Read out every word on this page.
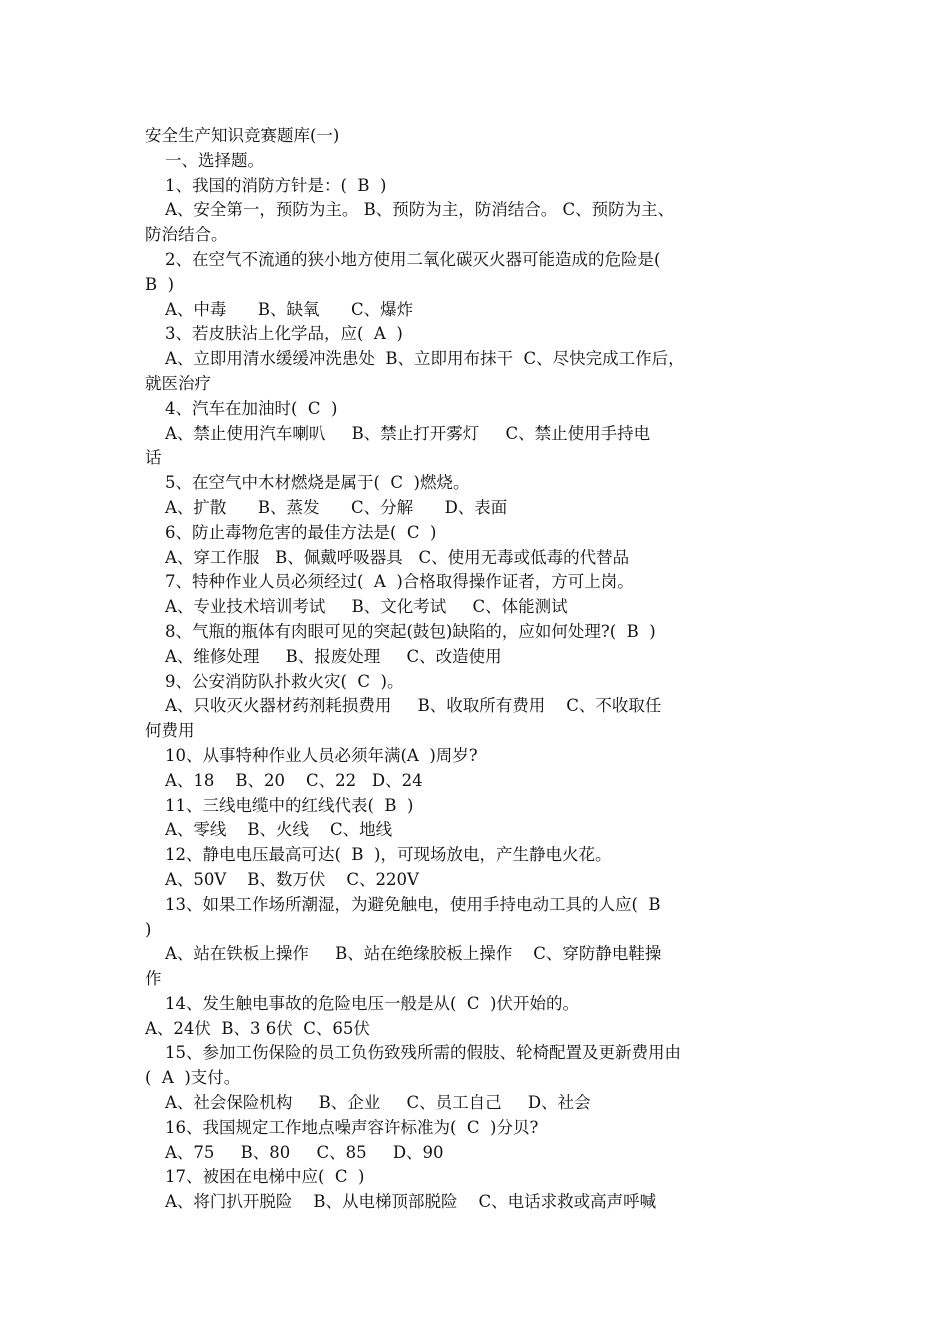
安全生产知识竞赛题库(一)
一、选择题。
1、我国的消防方针是：(  B  )
A、安全第一，预防为主。 B、预防为主，防消结合。 C、预防为主、
防治结合。
2、在空气不流通的狭小地方使用二氧化碳灭火器可能造成的危险是(
B  )
A、中毒      B、缺氧      C、爆炸
3、若皮肤沾上化学品，应(  A  )
A、立即用清水缓缓冲洗患处  B、立即用布抹干  C、尽快完成工作后，
就医治疗
4、汽车在加油时(  C  )
A、禁止使用汽车喇叭     B、禁止打开雾灯     C、禁止使用手持电
话
5、在空气中木材燃烧是属于(  C  )燃烧。
A、扩散      B、蒸发      C、分解      D、表面
6、防止毒物危害的最佳方法是(  C  )
A、穿工作服   B、佩戴呼吸器具   C、使用无毒或低毒的代替品
7、特种作业人员必须经过(  A  )合格取得操作证者，方可上岗。
A、专业技术培训考试     B、文化考试     C、体能测试
8、气瓶的瓶体有肉眼可见的突起(鼓包)缺陷的，应如何处理?(  B  )
A、维修处理     B、报废处理     C、改造使用
9、公安消防队扑救火灾(  C  )。
A、只收灭火器材药剂耗损费用     B、收取所有费用    C、不收取任
何费用
10、从事特种作业人员必须年满(A  )周岁?
A、18    B、20    C、22   D、24
11、三线电缆中的红线代表(  B  )
A、零线    B、火线    C、地线
12、静电电压最高可达(  B  )，可现场放电，产生静电火花。
A、50V    B、数万伏    C、220V
13、如果工作场所潮湿，为避免触电，使用手持电动工具的人应(  B
)
A、站在铁板上操作     B、站在绝缘胶板上操作    C、穿防静电鞋操
作
14、发生触电事故的危险电压一般是从(  C  )伏开始的。
A、24伏  B、3 6伏  C、65伏
15、参加工伤保险的员工负伤致残所需的假肢、轮椅配置及更新费用由
(  A  )支付。
A、社会保险机构     B、企业     C、员工自己     D、社会
16、我国规定工作地点噪声容许标准为(  C  )分贝?
A、75     B、80     C、85     D、90
17、被困在电梯中应(  C  )
A、将门扒开脱险    B、从电梯顶部脱险    C、电话求救或高声呼喊
